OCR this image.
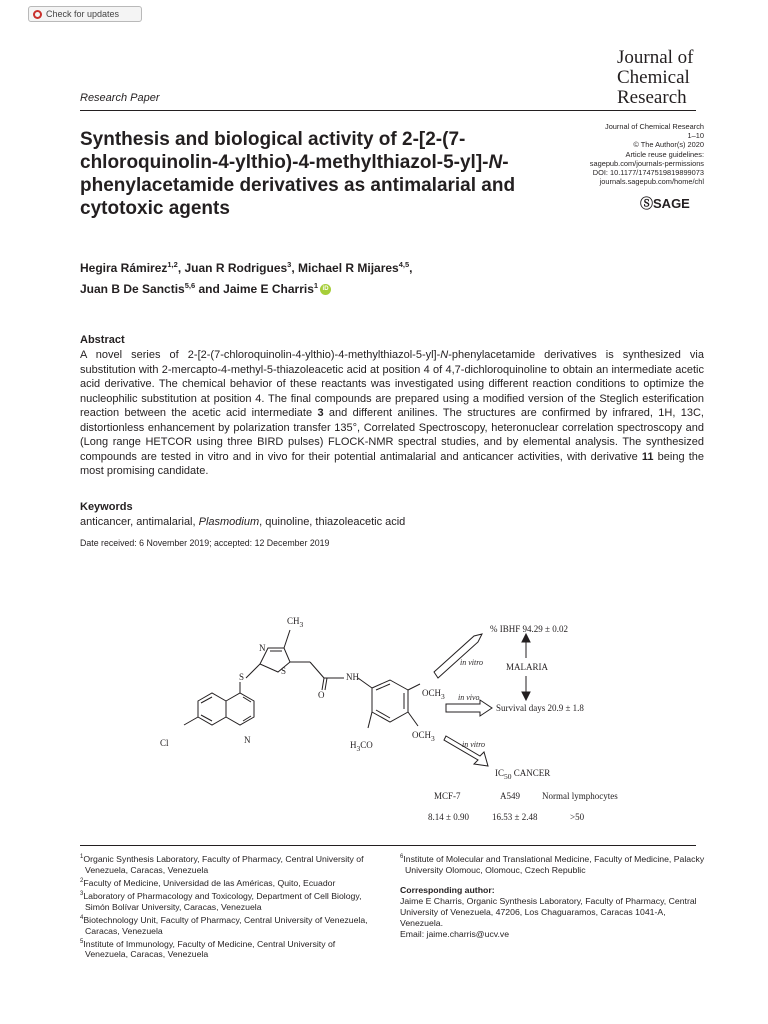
Check for updates
Journal of
Chemical
Research
Research Paper
Journal of Chemical Research
1–10
© The Author(s) 2020
Article reuse guidelines:
sagepub.com/journals-permissions
DOI: 10.1177/1747519819899073
journals.sagepub.com/home/chl
ⓈSAGE
Synthesis and biological activity of 2-[2-(7-chloroquinolin-4-ylthio)-4-methylthiazol-5-yl]-N-phenylacetamide derivatives as antimalarial and cytotoxic agents
Hegira Rámirez$^{1,2}$, Juan R Rodrigues$^3$, Michael R Mijares$^{4,5}$,
Juan B De Sanctis$^{5,6}$ and Jaime E Charris$^1$ iD
Abstract
A novel series of 2-[2-(7-chloroquinolin-4-ylthio)-4-methylthiazol-5-yl]-N-phenylacetamide derivatives is synthesized via substitution with 2-mercapto-4-methyl-5-thiazoleacetic acid at position 4 of 4,7-dichloroquinoline to obtain an intermediate acetic acid derivative. The chemical behavior of these reactants was investigated using different reaction conditions to optimize the nucleophilic substitution at position 4. The final compounds are prepared using a modified version of the Steglich esterification reaction between the acetic acid intermediate 3 and different anilines. The structures are confirmed by infrared, 1H, 13C, distortionless enhancement by polarization transfer 135°, Correlated Spectroscopy, heteronuclear correlation spectroscopy and (Long range HETCOR using three BIRD pulses) FLOCK-NMR spectral studies, and by elemental analysis. The synthesized compounds are tested in vitro and in vivo for their potential antimalarial and anticancer activities, with derivative 11 being the most promising candidate.
Keywords
anticancer, antimalarial, Plasmodium, quinoline, thiazoleacetic acid
Date received: 6 November 2019; accepted: 12 December 2019
$CH_3$
N
S
S
O
NH
$OCH_3$
$OCH_3$
$H_3CO$
Cl	N
in vitro
in vivo
in vitro
% IBHF 94.29 ± 0.02
MALARIA
Survival days 20.9 ± 1.8
$IC_{50}$ CANCER
MCF-7	A549 Normal lymphocytes
8.14 ± 0.90	16.53 ± 2.48	>50
$^1$Organic Synthesis Laboratory, Faculty of Pharmacy, Central University of Venezuela, Caracas, Venezuela
$^2$Faculty of Medicine, Universidad de las Américas, Quito, Ecuador
$^3$Laboratory of Pharmacology and Toxicology, Department of Cell Biology, Simón Bolívar University, Caracas, Venezuela
$^4$Biotechnology Unit, Faculty of Pharmacy, Central University of Venezuela, Caracas, Venezuela
$^5$Institute of Immunology, Faculty of Medicine, Central University of Venezuela, Caracas, Venezuela
$^6$Institute of Molecular and Translational Medicine, Faculty of Medicine, Palacky University Olomouc, Olomouc, Czech Republic
Corresponding author:
Jaime E Charris, Organic Synthesis Laboratory, Faculty of Pharmacy, Central University of Venezuela, 47206, Los Chaguaramos, Caracas 1041-A, Venezuela.
Email: jaime.charris@ucv.ve
